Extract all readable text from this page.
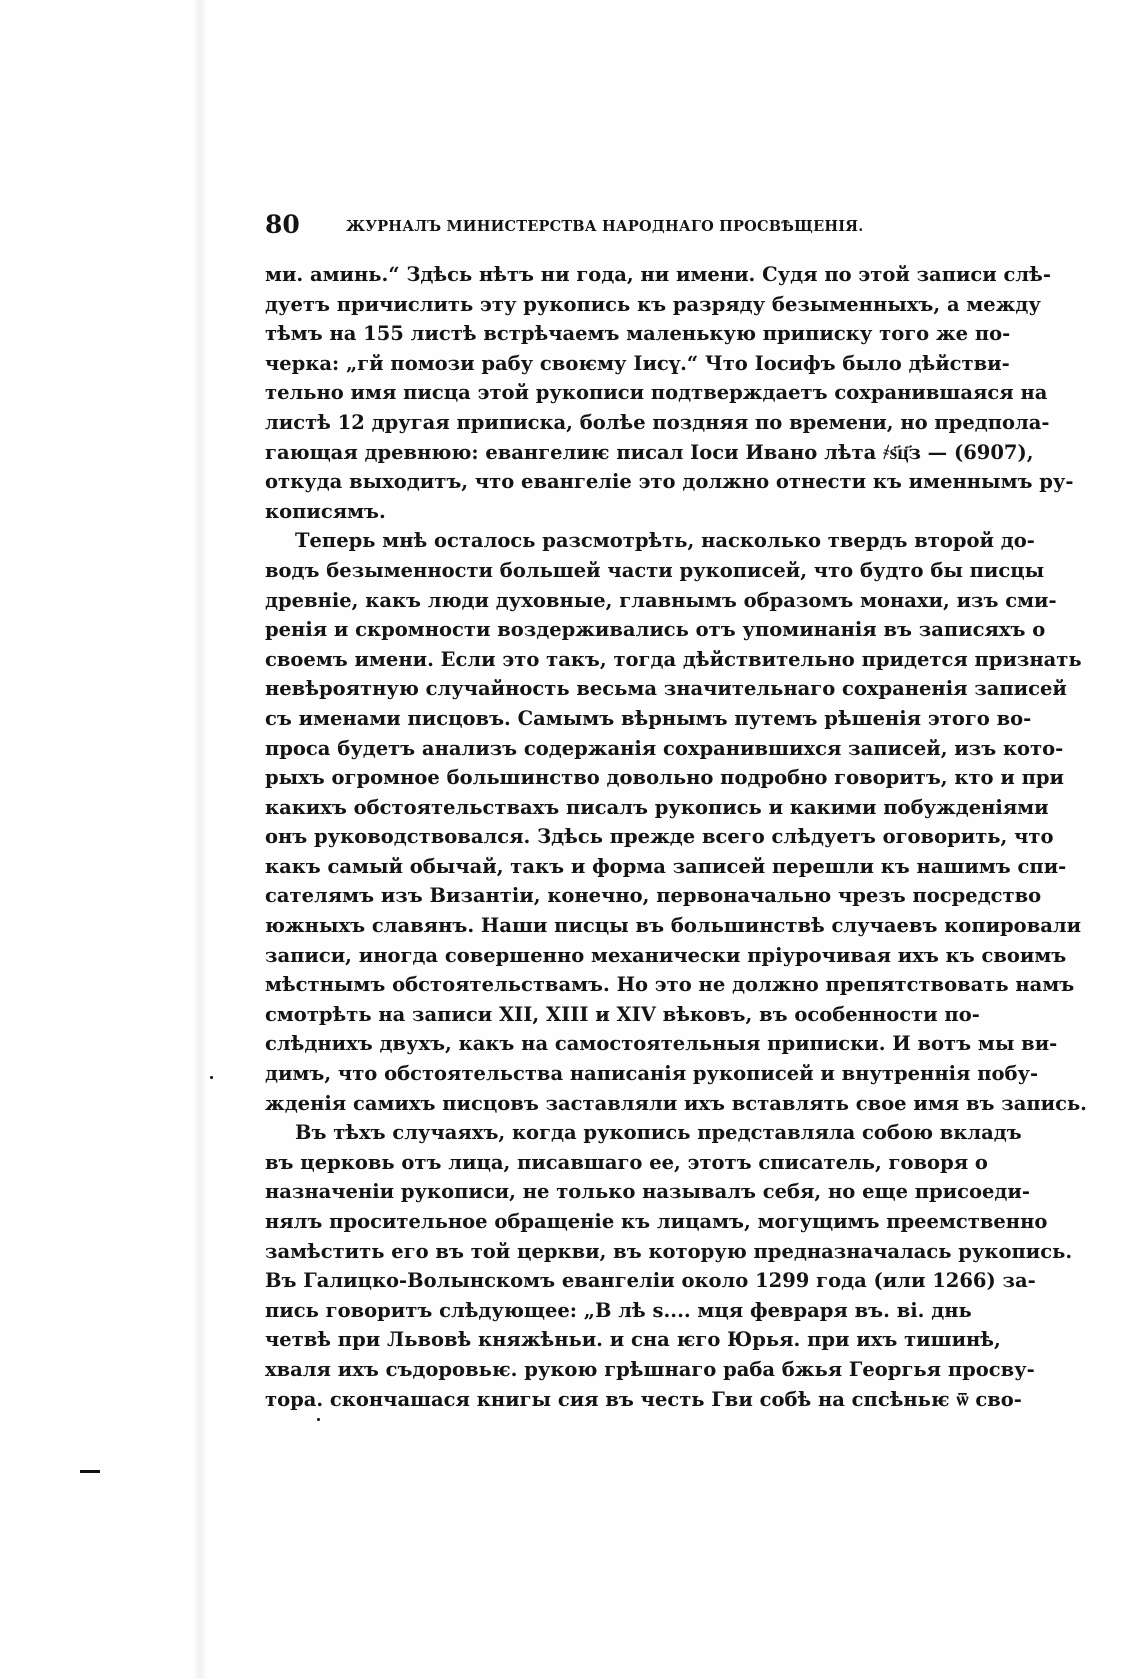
80	ЖУРНАЛЪ МИНИСТЕРСТВА НАРОДНАГО ПРОСВѢЩЕНІЯ.
ми. аминь.“ Здѣсь нѣтъ ни года, ни имени. Судя по этой записи слѣ-
дуетъ причислить эту рукопись къ разряду безыменныхъ, а между
тѣмъ на 155 листѣ встрѣчаемъ маленькую приписку того же по-
черка: „гй помози рабу своѥму Іисү.“ Что Іосифъ было дѣйстви-
тельно имя писца этой рукописи подтверждаетъ сохранившаяся на
листѣ 12 другая приписка, болѣе поздняя по времени, но предпола-
гающая древнюю: евангелиѥ писал Іоси Ивано лѣта ҂ѕ҃ц҃з — (6907),
откуда выходитъ, что евангеліе это должно отнести къ именнымъ ру-
кописямъ.
Теперь мнѣ осталось разсмотрѣть, насколько твердъ второй до-
водъ безыменности большей части рукописей, что будто бы писцы
древніе, какъ люди духовные, главнымъ образомъ монахи, изъ сми-
ренія и скромности воздерживались отъ упоминанія въ записяхъ о
своемъ имени. Если это такъ, тогда дѣйствительно придется признать
невѣроятную случайность весьма значительнаго сохраненія записей
съ именами писцовъ. Самымъ вѣрнымъ путемъ рѣшенія этого во-
проса будетъ анализъ содержанія сохранившихся записей, изъ кото-
рыхъ огромное большинство довольно подробно говоритъ, кто и при
какихъ обстоятельствахъ писалъ рукопись и какими побужденіями
онъ руководствовался. Здѣсь прежде всего слѣдуетъ оговорить, что
какъ самый обычай, такъ и форма записей перешли къ нашимъ спи-
сателямъ изъ Византіи, конечно, первоначально чрезъ посредство
южныхъ славянъ. Наши писцы въ большинствѣ случаевъ копировали
записи, иногда совершенно механически пріурочивая ихъ къ своимъ
мѣстнымъ обстоятельствамъ. Но это не должно препятствовать намъ
смотрѣть на записи XII, XIII и XIV вѣковъ, въ особенности по-
слѣднихъ двухъ, какъ на самостоятельныя приписки. И вотъ мы ви-
димъ, что обстоятельства написанія рукописей и внутреннія побу-
жденія самихъ писцовъ заставляли ихъ вставлять свое имя въ запись.
Въ тѣхъ случаяхъ, когда рукопись представляла собою вкладъ
въ церковь отъ лица, писавшаго ее, этотъ списатель, говоря о
назначеніи рукописи, не только называлъ себя, но еще присоеди-
нялъ просительное обращеніе къ лицамъ, могущимъ преемственно
замѣстить его въ той церкви, въ которую предназначалась рукопись.
Въ Галицко-Волынскомъ евангеліи около 1299 года (или 1266) за-
пись говоритъ слѣдующее: „В лѣ ѕ.... мця февраря въ. ві. днь
четвѣ при Львовѣ княжѣньи. и сна ѥго Юрья. при ихъ тишинѣ,
хваля ихъ съдоровьѥ. рукою грѣшнаго раба бжья Георгья просву-
тора. скончашася книгы сия въ честь Гви собѣ на спсѣньѥ ѿ сво-
